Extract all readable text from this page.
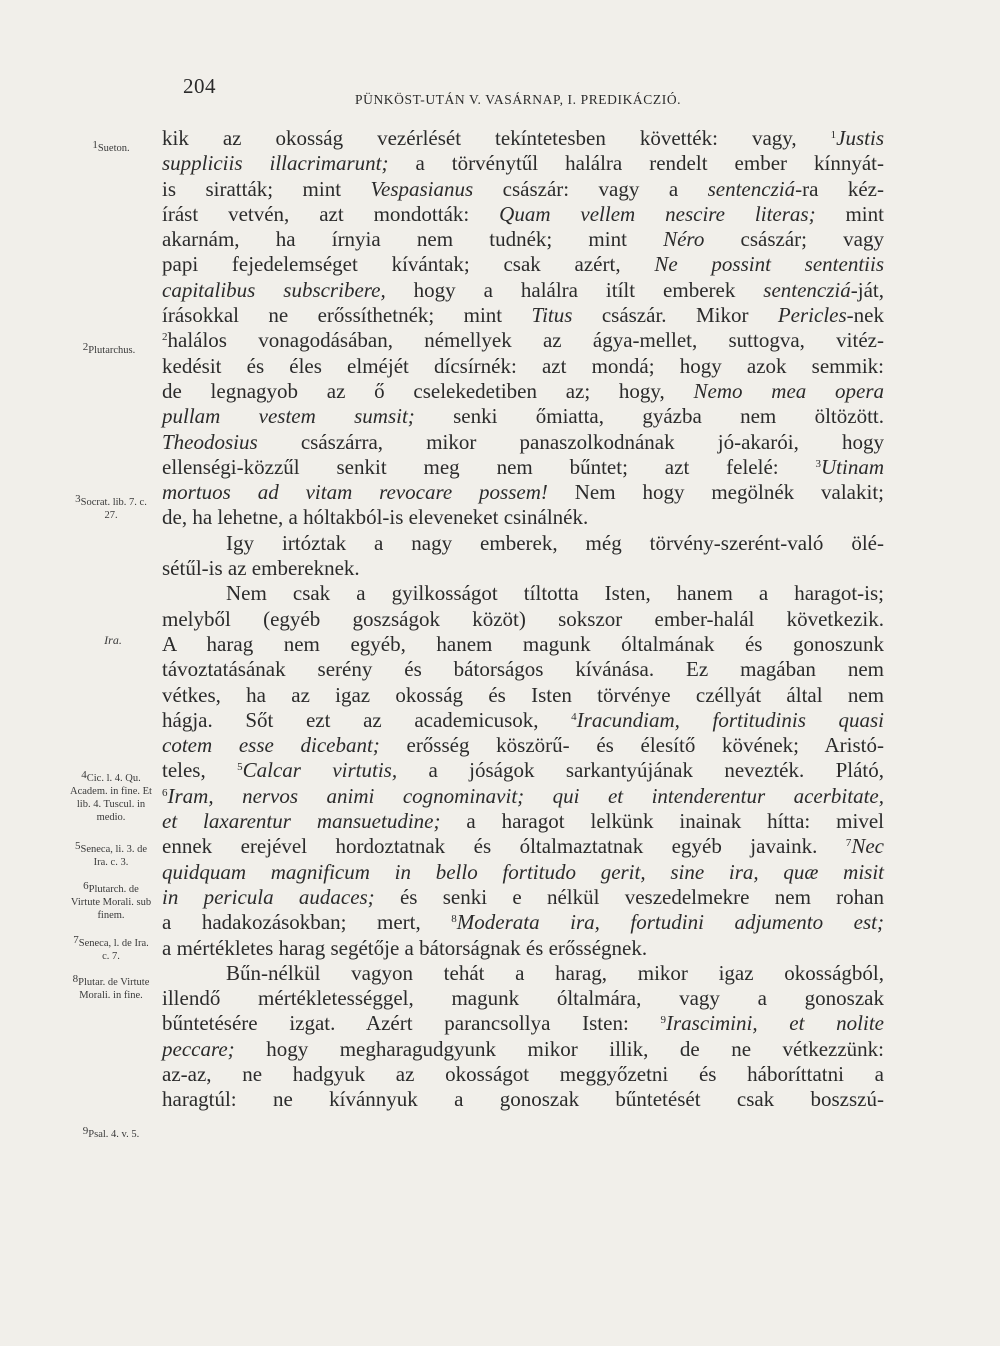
204
PÜNKÖST-UTÁN V. VASÁRNAP, I. PREDIKÁCZIÓ.
$^1$Sueton.
$^2$Plutarchus.
$^3$Socrat. lib. 7. c. 27.
Ira.
$^4$Cic. l. 4. Qu. Academ. in fine. Et lib. 4. Tuscul. in medio.
$^5$Seneca, li. 3. de Ira. c. 3.
$^6$Plutarch. de Virtute Morali. sub finem.
$^7$Seneca, l. de Ira. c. 7.
$^8$Plutar. de Virtute Morali. in fine.
$^9$Psal. 4. v. 5.
kik az okosság vezérlését tekíntetesben követték: vagy, $^1$Justis
suppliciis illacrimarunt; a törvénytűl halálra rendelt ember kínnyát-
is siratták; mint Vespasianus császár: vagy a sentencziá-ra kéz-
írást vetvén, azt mondották: Quam vellem nescire literas; mint
akarnám, ha írnyia nem tudnék; mint Néro császár; vagy
papi fejedelemséget kívántak; csak azért, Ne possint sententiis
capitalibus subscribere, hogy a halálra itílt emberek sentencziá-ját,
írásokkal ne erőssíthetnék; mint Titus császár. Mikor Pericles-nek
$^2$halálos vonagodásában, némellyek az ágya-mellet, suttogva, vitéz-
kedésit és éles elméjét dícsírnék: azt mondá; hogy azok semmik:
de legnagyob az ő cselekedetiben az; hogy, Nemo mea opera
pullam vestem sumsit; senki őmiatta, gyázba nem öltözött.
Theodosius császárra, mikor panaszolkodnának jó-akarói, hogy
ellenségi-közzűl senkit meg nem bűntet; azt felelé: $^3$Utinam
mortuos ad vitam revocare possem! Nem hogy megölnék valakit;
de, ha lehetne, a hóltakból-is eleveneket csinálnék.
Igy irtóztak a nagy emberek, még törvény-szerént-való ölé-
sétűl-is az embereknek.
Nem csak a gyilkosságot tíltotta Isten, hanem a haragot-is;
melyből (egyéb goszságok közöt) sokszor ember-halál következik.
A harag nem egyéb, hanem magunk óltalmának és gonoszunk
távoztatásának serény és bátorságos kívánása. Ez magában nem
vétkes, ha az igaz okosság és Isten törvénye czéllyát által nem
hágja. Sőt ezt az academicusok, $^4$Iracundiam, fortitudinis quasi
cotem esse dicebant; erősség köszörű- és élesítő kövének; Aristó-
teles, $^5$Calcar virtutis, a jóságok sarkantyújának nevezték. Plátó,
$^6$Iram, nervos animi cognominavit; qui et intenderentur acerbitate,
et laxarentur mansuetudine; a haragot lelkünk inainak hítta: mivel
ennek erejével hordoztatnak és óltalmaztatnak egyéb javaink. $^7$Nec
quidquam magnificum in bello fortitudo gerit, sine ira, quæ misit
in pericula audaces; és senki e nélkül veszedelmekre nem rohan
a hadakozásokban; mert, $^8$Moderata ira, fortudini adjumento est;
a mértékletes harag segétője a bátorságnak és erősségnek.
Bűn-nélkül vagyon tehát a harag, mikor igaz okosságból,
illendő mértékletességgel, magunk óltalmára, vagy a gonoszak
bűntetésére izgat. Azért parancsollya Isten: $^9$Irascimini, et nolite
peccare; hogy megharagudgyunk mikor illik, de ne vétkezzünk:
az-az, ne hadgyuk az okosságot meggyőzetni és háboríttatni a
haragtúl: ne kívánnyuk a gonoszak bűntetését csak boszszú-
